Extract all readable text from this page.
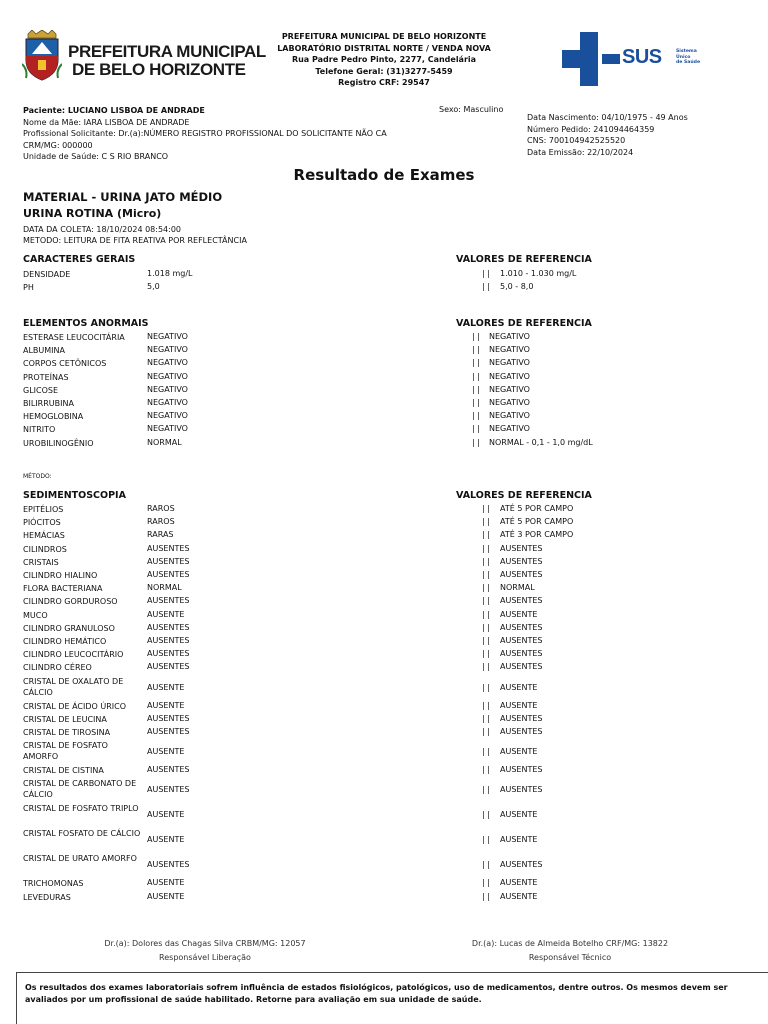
PREFEITURA MUNICIPAL
DE BELO HORIZONTE
PREFEITURA MUNICIPAL DE BELO HORIZONTE
LABORATÓRIO DISTRITAL NORTE / VENDA NOVA
Rua Padre Pedro Pinto, 2277, Candelária
Telefone Geral: (31)3277-5459
Registro CRF: 29547
SUS	Sistema
Único
de Saúde
Paciente: LUCIANO LISBOA DE ANDRADE
Nome da Mãe: IARA LISBOA DE ANDRADE
Profissional Solicitante: Dr.(a):NÚMERO REGISTRO PROFISSIONAL DO SOLICITANTE NÃO CA
CRM/MG: 000000
Unidade de Saúde: C S RIO BRANCO
Sexo: Masculino
Data Nascimento: 04/10/1975 - 49 Anos
Número Pedido: 241094464359
CNS: 700104942525520
Data Emissão: 22/10/2024
Resultado de Exames
MATERIAL - URINA JATO MÉDIO
URINA ROTINA (Micro)
DATA DA COLETA: 18/10/2024 08:54:00
METODO: LEITURA DE FITA REATIVA POR REFLECTÂNCIA
CARACTERES GERAIS	VALORES DE REFERENCIA
DENSIDADE	1.018 mg/L	| | 1.010 - 1.030 mg/L
PH	5,0	| | 5,0 - 8,0
ELEMENTOS ANORMAIS	VALORES DE REFERENCIA
ESTERASE LEUCOCITÁRIA	NEGATIVO	| | NEGATIVO
ALBUMINA	NEGATIVO	| | NEGATIVO
CORPOS CETÔNICOS	NEGATIVO	| | NEGATIVO
PROTEÍNAS	NEGATIVO	| | NEGATIVO
GLICOSE	NEGATIVO	| | NEGATIVO
BILIRRUBINA	NEGATIVO	| | NEGATIVO
HEMOGLOBINA	NEGATIVO	| | NEGATIVO
NITRITO	NEGATIVO	| | NEGATIVO
UROBILINOGÊNIO	NORMAL	| | NORMAL - 0,1 - 1,0 mg/dL
MÉTODO:
SEDIMENTOSCOPIA	VALORES DE REFERENCIA
EPITÉLIOS	RAROS	| | ATÉ 5 POR CAMPO
PIÓCITOS	RAROS	| | ATÉ 5 POR CAMPO
HEMÁCIAS	RARAS	| | ATÉ 3 POR CAMPO
CILINDROS	AUSENTES	| | AUSENTES
CRISTAIS	AUSENTES	| | AUSENTES
CILINDRO HIALINO	AUSENTES	| | AUSENTES
FLORA BACTERIANA	NORMAL	| | NORMAL
CILINDRO GORDUROSO	AUSENTES	| | AUSENTES
MUCO	AUSENTE	| | AUSENTE
CILINDRO GRANULOSO	AUSENTES	| | AUSENTES
CILINDRO HEMÁTICO	AUSENTES	| | AUSENTES
CILINDRO LEUCOCITÁRIO	AUSENTES	| | AUSENTES
CILINDRO CÉREO	AUSENTES	| | AUSENTES
CRISTAL DE OXALATO DE CÁLCIO
AUSENTE	| | AUSENTE
CRISTAL DE ÁCIDO ÚRICO	AUSENTE	| | AUSENTE
CRISTAL DE LEUCINA	AUSENTES	| | AUSENTES
CRISTAL DE TIROSINA	AUSENTES	| | AUSENTES
CRISTAL DE FOSFATO AMORFO
AUSENTE	| | AUSENTE
CRISTAL DE CISTINA	AUSENTES	| | AUSENTES
CRISTAL DE CARBONATO DE CÁLCIO
AUSENTES	| | AUSENTES
CRISTAL DE FOSFATO TRIPLO
AUSENTE	| | AUSENTE
CRISTAL FOSFATO DE CÁLCIO
AUSENTE	| | AUSENTE
CRISTAL DE URATO AMORFO
AUSENTES	| | AUSENTES
TRICHOMONAS	AUSENTE	| | AUSENTE
LEVEDURAS	AUSENTE	| | AUSENTE
Dr.(a): Dolores das Chagas Silva CRBM/MG: 12057
Responsável Liberação
Dr.(a): Lucas de Almeida Botelho CRF/MG: 13822
Responsável Técnico
Os resultados dos exames laboratoriais sofrem influência de estados fisiológicos, patológicos, uso de medicamentos, dentre outros. Os mesmos devem ser avaliados por um profissional de saúde habilitado. Retorne para avaliação em sua unidade de saúde.
